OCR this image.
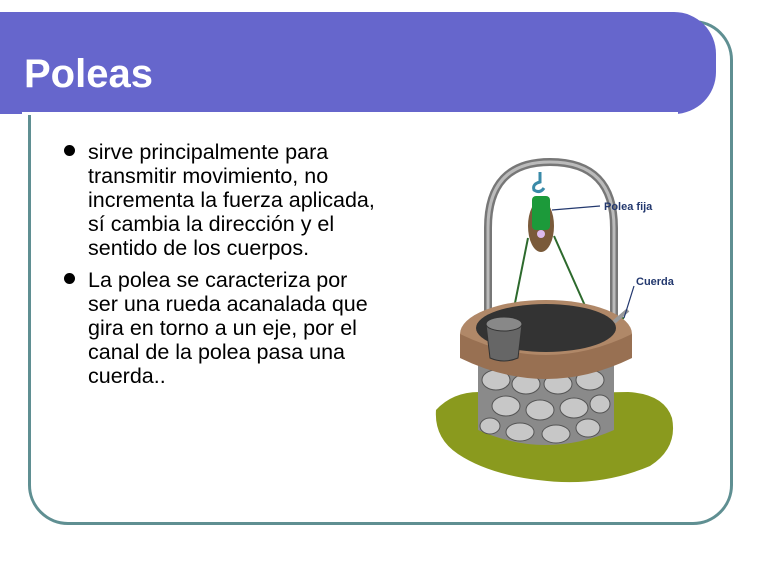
Poleas
sirve principalmente para transmitir movimiento, no incrementa la fuerza aplicada, sí cambia la dirección y el sentido de los cuerpos.
La polea se caracteriza por ser una rueda acanalada que gira en torno a un eje, por el canal de la polea pasa una cuerda..
Polea fija
Cuerda
